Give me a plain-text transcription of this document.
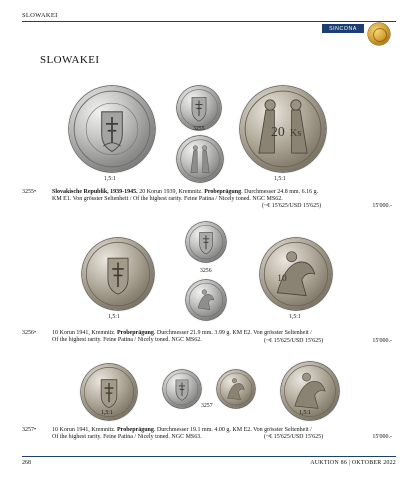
SLOWAKEI
SINCONA
SLOWAKEI
3255	20 Ks
1,5:1	1,5:1
3255•	Slovakische Republik, 1939-1945. 20 Korun 1939, Kremnitz. Probeprägung. Durchmesser 24.8 mm. 6.16 g.
KM E1. Von grösster Seltenheit / Of the highest rarity. Feine Patina / Nicely toned. NGC MS62.
(~€ 15'625/USD 15'625)	15'000.-
3256
10
1,5:1	1,5:1
3256•	10 Korun 1941, Kremnitz. Probeprägung. Durchmesser 21.9 mm. 3.99 g. KM E2. Von grösster Seltenheit /
Of the highest rarity. Feine Patina / Nicely toned. NGC MS62.	(~€ 15'625/USD 15'625)	15'000.-
3257
1,5:1	1,5:1
3257•	10 Korun 1941, Kremnitz. Probeprägung. Durchmesser 19.1 mm. 4.00 g. KM E2. Von grösster Seltenheit /
Of the highest rarity. Feine Patina / Nicely toned. NGC MS63.	(~€ 15'625/USD 15'625)	15'000.-
268	AUKTION 86 | OKTOBER 2022
